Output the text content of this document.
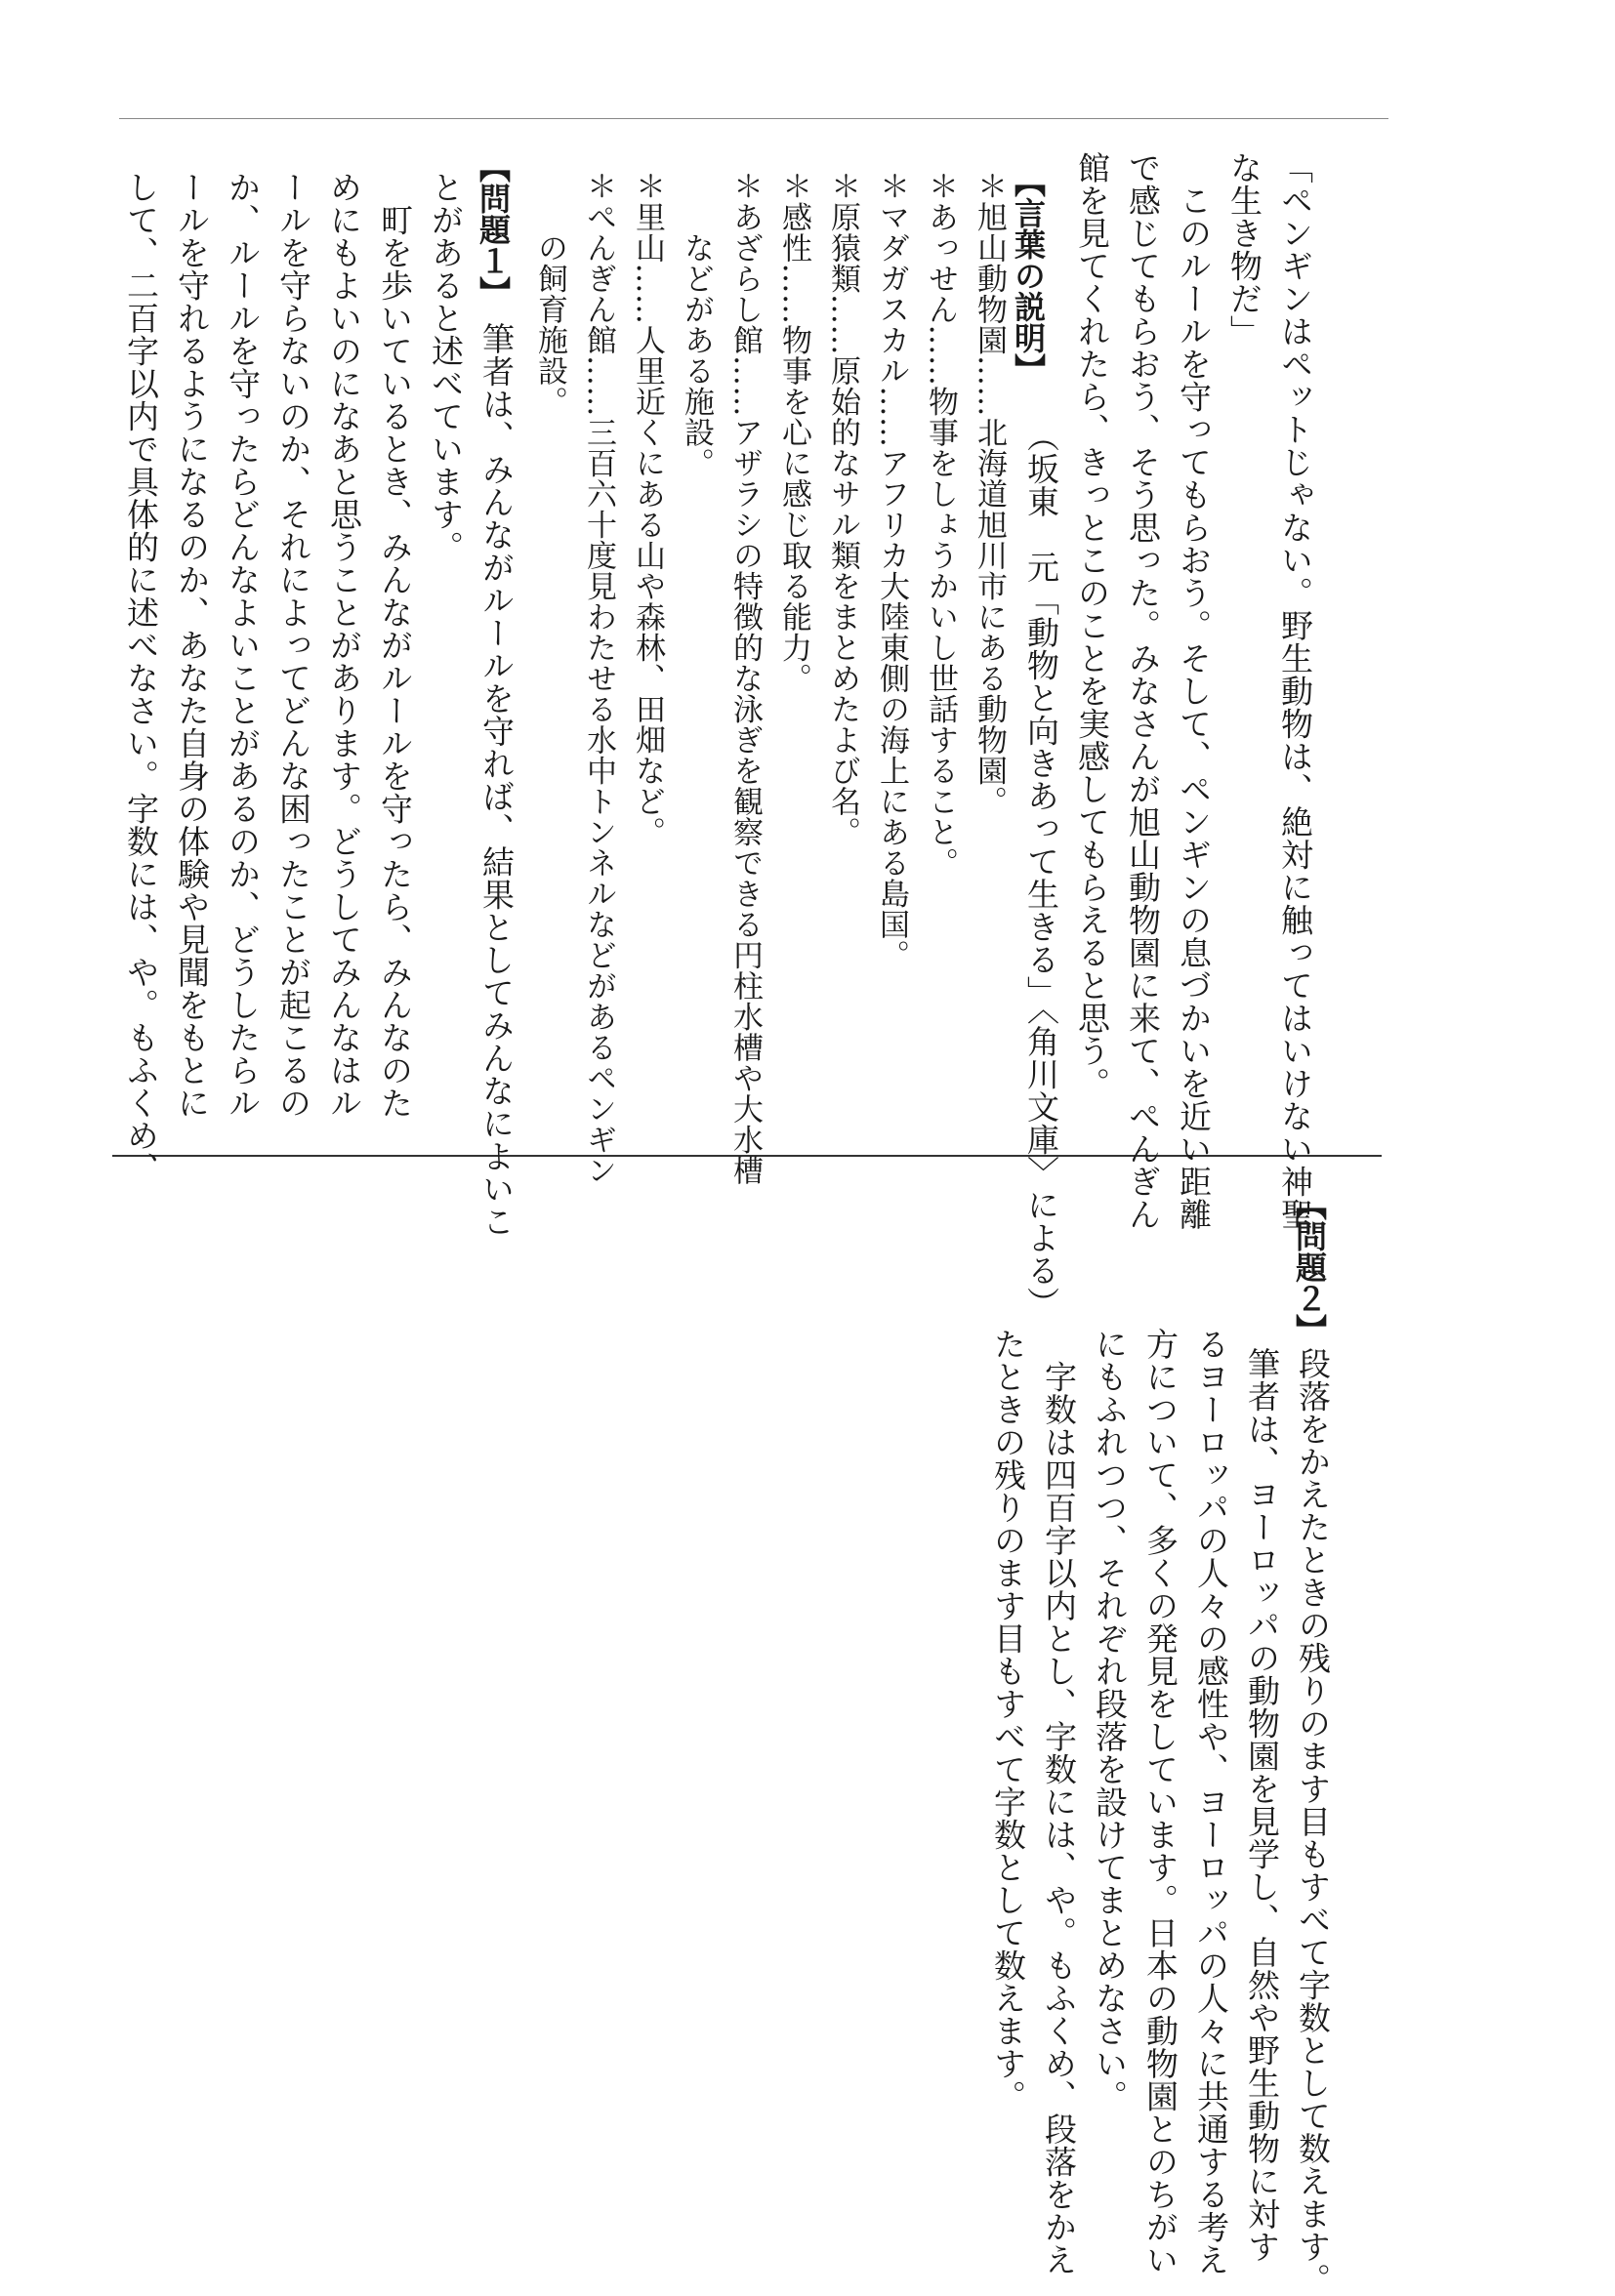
「ペンギンはペットじゃない。野生動物は、絶対に触ってはいけない神聖
な生き物だ」
　このルールを守ってもらおう。そして、ペンギンの息づかいを近い距離
で感じてもらおう、そう思った。みなさんが旭山動物園に来て、ぺんぎん
館を見てくれたら、きっとこのことを実感してもらえると思う。
（坂東　元「動物と向きあって生きる」〈角川文庫〉による）
【言葉の説明】
＊旭山動物園……北海道旭川市にある動物園。
＊あっせん……物事をしょうかいし世話すること。
＊マダガスカル……アフリカ大陸東側の海上にある島国。
＊原猿類……原始的なサル類をまとめたよび名。
＊感性……物事を心に感じ取る能力。
＊あざらし館……アザラシの特徴的な泳ぎを観察できる円柱水槽や大水槽
　　などがある施設。
＊里山……人里近くにある山や森林、田畑など。
＊ぺんぎん館……三百六十度見わたせる水中トンネルなどがあるペンギン
　　の飼育施設。
【問題１】
筆者は、みんながルールを守れば、結果としてみんなによいこ
とがあると述べています。
　町を歩いているとき、みんながルールを守ったら、みんなのた
めにもよいのになあと思うことがあります。どうしてみんなはル
ールを守らないのか、それによってどんな困ったことが起こるの
か、ルールを守ったらどんなよいことがあるのか、どうしたらル
ールを守れるようになるのか、あなた自身の体験や見聞をもとに
して、二百字以内で具体的に述べなさい。字数には、や。もふくめ、
【問題２】
段落をかえたときの残りのます目もすべて字数として数えます。
筆者は、ヨーロッパの動物園を見学し、自然や野生動物に対す
るヨーロッパの人々の感性や、ヨーロッパの人々に共通する考え
方について、多くの発見をしています。日本の動物園とのちがい
にもふれつつ、それぞれ段落を設けてまとめなさい。
　字数は四百字以内とし、字数には、や。もふくめ、段落をかえ
たときの残りのます目もすべて字数として数えます。
